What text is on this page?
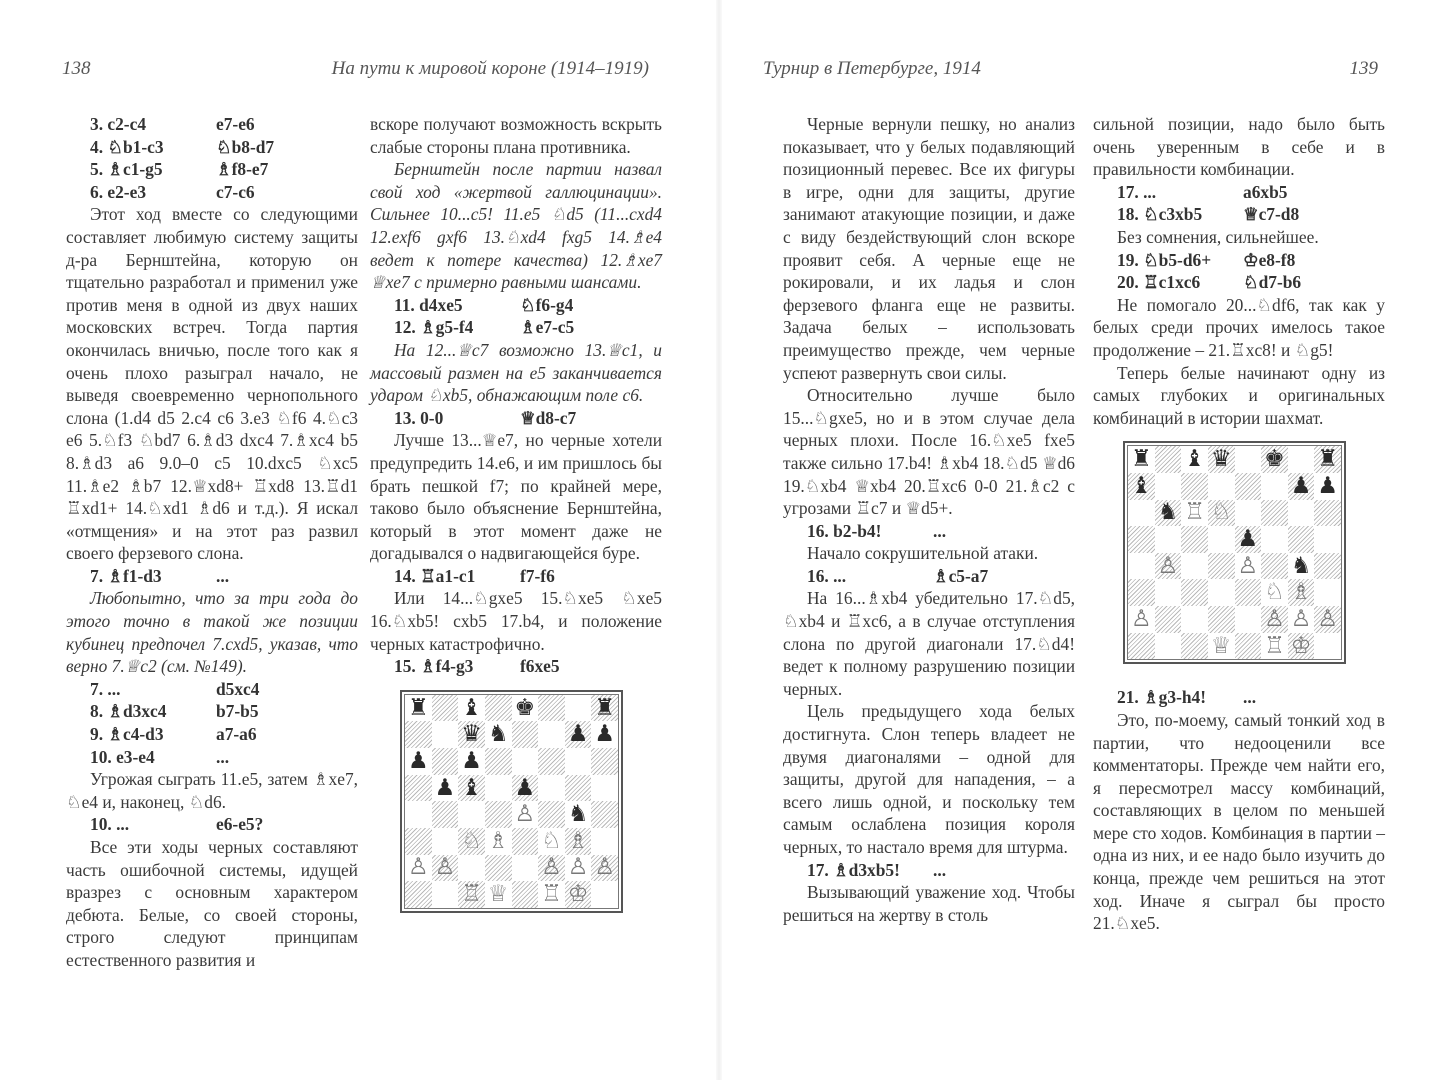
138	На пути к мировой короне (1914–1919)
3. c2-c4	e7-e6
4. ♘b1-c3	♘b8-d7
5. ♗c1-g5	♗f8-e7
6. e2-e3	c7-c6

Этот ход вместе со следующими составляет любимую систему защиты д-ра Бернштейна, которую он тщательно разработал и применил уже против меня в одной из двух наших московских встреч. Тогда партия окончилась вничью, после того как я очень плохо разыграл начало, не выведя своевременно чернопольного слона (1.d4 d5 2.c4 c6 3.e3 ♘f6 4.♘c3 e6 5.♘f3 ♘bd7 6.♗d3 dxc4 7.♗xc4 b5 8.♗d3 a6 9.0–0 c5 10.dxc5 ♘xc5 11.♗e2 ♗b7 12.♕xd8+ ♖xd8 13.♖d1 ♖xd1+ 14.♘xd1 ♗d6 и т.д.). Я искал «отмщения» и на этот раз развил своего ферзевого слона.

7. ♗f1-d3	...

Любопытно, что за три года до этого точно в такой же позиции кубинец предпочел 7.cxd5, указав, что верно 7.♕c2 (см. №149).

7. ...	d5xc4
8. ♗d3xc4	b7-b5
9. ♗c4-d3	a7-a6
10. e3-e4	...

Угрожая сыграть 11.e5, затем ♗xe7, ♘e4 и, наконец, ♘d6.

10. ...	e6-e5?

Все эти ходы черных составляют часть ошибочной системы, идущей вразрез с основным характером дебюта. Белые, со своей стороны, строго следуют принципам естественного развития и

вскоре получают возможность вскрыть слабые стороны плана противника.

Бернштейн после партии назвал свой ход «жертвой галлюцинации». Сильнее 10...c5! 11.e5 ♘d5 (11...cxd4 12.exf6 gxf6 13.♘xd4 fxg5 14.♗e4 ведет к потере качества) 12.♗xe7 ♕xe7 с примерно равными шансами.

11. d4xe5	♘f6-g4
12. ♗g5-f4	♗e7-c5

На 12...♕c7 возможно 13.♕c1, и массовый размен на e5 заканчивается ударом ♘xb5, обнажающим поле c6.

13. 0-0	♕d8-c7

Лучше 13...♕e7, но черные хотели предупредить 14.e6, и им пришлось бы брать пешкой f7; по крайней мере, таково было объяснение Бернштейна, который в этот момент даже не догадывался о надвигающейся буре.

14. ♖a1-c1	f7-f6

Или 14...♘gxe5 15.♘xe5 ♘xe5 16.♘xb5! cxb5 17.b4, и положение черных катастрофично.

15. ♗f4-g3	f6xe5
♜ ♝ ♚	♜
♛ ♞	♟ ♟
♟ ♟
♟ ♝ ♟
♙ ♞
♘ ♗ ♘ ♗
♙ ♙	♙ ♙ ♙
♖ ♕ ♖ ♔
Турнир в Петербурге, 1914	139

Черные вернули пешку, но анализ показывает, что у белых подавляющий позиционный перевес. Все их фигуры в игре, одни для защиты, другие занимают атакующие позиции, и даже с виду бездействующий слон вскоре проявит себя. А черные еще не рокировали, и их ладья и слон ферзевого фланга еще не развиты. Задача белых – использовать преимущество прежде, чем черные успеют развернуть свои силы.

Относительно лучше было 15...♘gxe5, но и в этом случае дела черных плохи. После 16.♘xe5 fxe5 также сильно 17.b4! ♗xb4 18.♘d5 ♕d6 19.♘xb4 ♕xb4 20.♖xc6 0-0 21.♗c2 с угрозами ♖c7 и ♕d5+.

16. b2-b4!	...

Начало сокрушительной атаки.

16. ...	♗c5-a7

На 16...♗xb4 убедительно 17.♘d5, ♘xb4 и ♖xc6, а в случае отступления слона по другой диагонали 17.♘d4! ведет к полному разрушению позиции черных.

Цель предыдущего хода белых достигнута. Слон теперь владеет не двумя диагоналями – одной для защиты, другой для нападения, – а всего лишь одной, и поскольку тем самым ослаблена позиция короля черных, то настало время для штурма.

17. ♗d3xb5!	...

Вызывающий уважение ход. Чтобы решиться на жертву в столь

сильной позиции, надо было быть очень уверенным в себе и в правильности комбинации.

17. ...	a6xb5
18. ♘c3xb5	♕c7-d8

Без сомнения, сильнейшее.

19. ♘b5-d6+	♔e8-f8
20. ♖c1xc6	♘d7-b6

Не помогало 20...♘df6, так как у белых среди прочих имелось такое продолжение – 21.♖xc8! и ♘g5!

Теперь белые начинают одну из самых глубоких и оригинальных комбинаций в истории шахмат.

♜ ♝ ♛ ♚ ♜
♝	♟ ♟
♞ ♖ ♘
♟
♙	♙ ♞
♘ ♗
♙	♙ ♙ ♙
♕ ♖ ♔
21. ♗g3-h4!	...

Это, по-моему, самый тонкий ход в партии, что недооценили все комментаторы. Прежде чем найти его, я пересмотрел массу комбинаций, составляющих в целом по меньшей мере сто ходов. Комбинация в партии – одна из них, и ее надо было изучить до конца, прежде чем решиться на этот ход. Иначе я сыграл бы просто 21.♘xe5.
